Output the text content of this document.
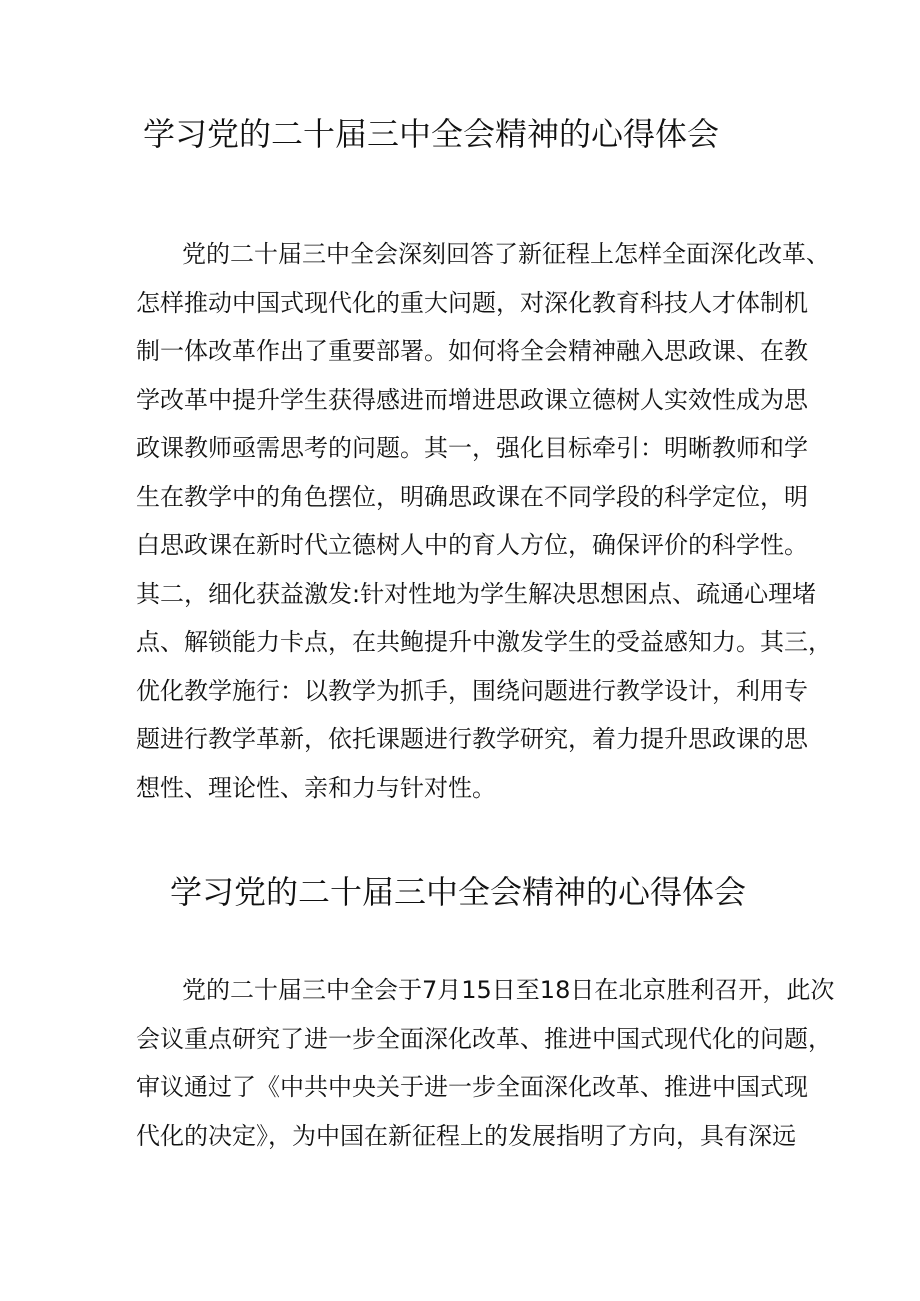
学习党的二十届三中全会精神的心得体会
党的二十届三中全会深刻回答了新征程上怎样全面深化改革、
怎样推动中国式现代化的重大问题，对深化教育科技人才体制机
制一体改革作出了重要部署。如何将全会精神融入思政课、在教
学改革中提升学生获得感进而增进思政课立德树人实效性成为思
政课教师亟需思考的问题。其一，强化目标牵引：明晰教师和学
生在教学中的角色摆位，明确思政课在不同学段的科学定位，明
白思政课在新时代立德树人中的育人方位，确保评价的科学性。
其二，细化获益激发:针对性地为学生解决思想困点、疏通心理堵
点、解锁能力卡点，在共鲍提升中激发学生的受益感知力。其三，
优化教学施行：以教学为抓手，围绕问题进行教学设计，利用专
题进行教学革新，依托课题进行教学研究，着力提升思政课的思
想性、理论性、亲和力与针对性。
学习党的二十届三中全会精神的心得体会
党的二十届三中全会于7月15日至18日在北京胜利召开，此次
会议重点研究了进一步全面深化改革、推进中国式现代化的问题，
审议通过了《中共中央关于进一步全面深化改革、推进中国式现
代化的决定》，为中国在新征程上的发展指明了方向，具有深远
